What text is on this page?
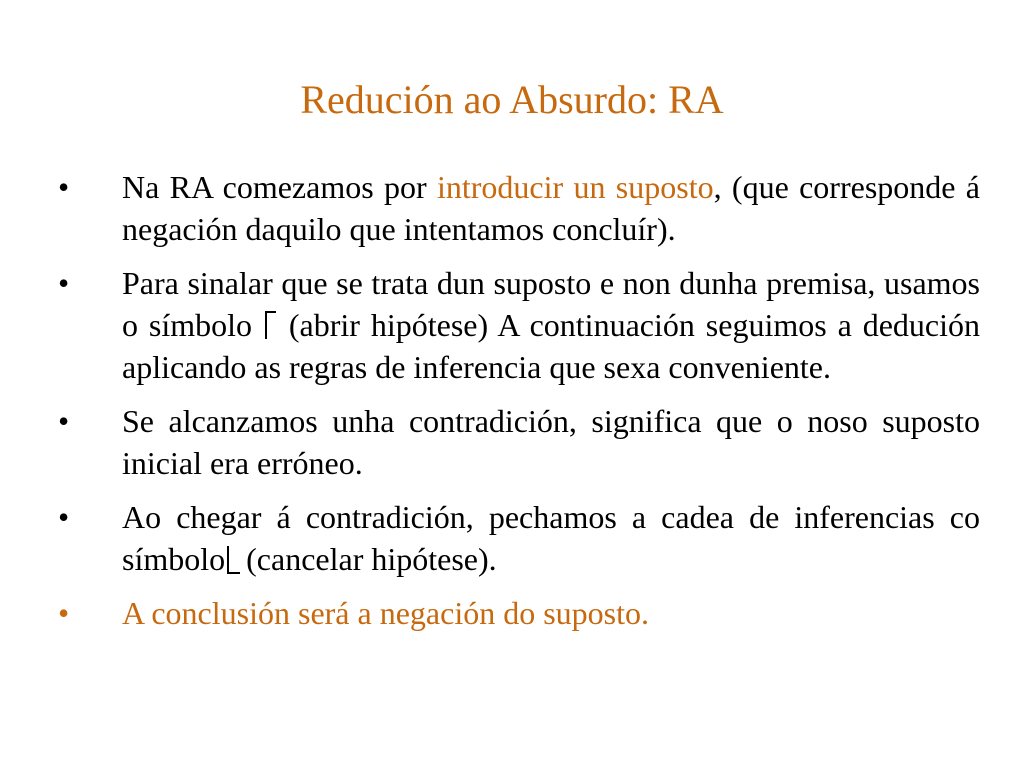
Redución ao Absurdo: RA
• Na RA comezamos por introducir un suposto, (que corresponde á negación daquilo que intentamos concluír).
• Para sinalar que se trata dun suposto e non dunha premisa, usamos o símbolo (abrir hipótese) A continuación seguimos a dedución aplicando as regras de inferencia que sexa conveniente.
• Se alcanzamos unha contradición, significa que o noso suposto inicial era erróneo.
• Ao chegar á contradición, pechamos a cadea de inferencias co símbolo (cancelar hipótese).
• A conclusión será a negación do suposto.
